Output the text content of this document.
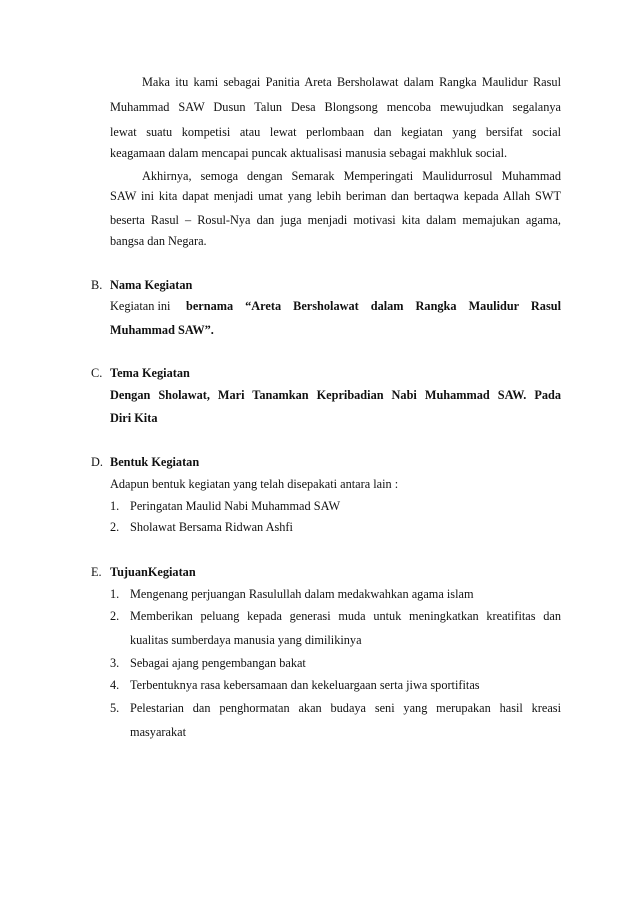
Maka itu kami sebagai Panitia Areta Bersholawat dalam Rangka Maulidur Rasul
Muhammad SAW Dusun Talun Desa Blongsong mencoba mewujudkan segalanya
lewat suatu kompetisi atau lewat perlombaan dan kegiatan yang bersifat social
keagamaan dalam mencapai puncak aktualisasi manusia sebagai makhluk social.
Akhirnya, semoga dengan Semarak Memperingati Maulidurrosul Muhammad
SAW ini kita dapat menjadi umat yang lebih beriman dan bertaqwa kepada Allah SWT
beserta Rasul – Rosul-Nya dan juga menjadi motivasi kita dalam memajukan agama,
bangsa dan Negara.
B. Nama Kegiatan
Kegiatan ini bernama “Areta Bersholawat dalam Rangka Maulidur Rasul
Muhammad SAW”.
C. Tema Kegiatan
Dengan Sholawat, Mari Tanamkan Kepribadian Nabi Muhammad SAW. Pada
Diri Kita
D. Bentuk Kegiatan
Adapun bentuk kegiatan yang telah disepakati antara lain :
1. Peringatan Maulid Nabi Muhammad SAW
2. Sholawat Bersama Ridwan Ashfi
E. TujuanKegiatan
1. Mengenang perjuangan Rasulullah dalam medakwahkan agama islam
2. Memberikan peluang kepada generasi muda untuk meningkatkan kreatifitas dan
kualitas sumberdaya manusia yang dimilikinya
3. Sebagai ajang pengembangan bakat
4. Terbentuknya rasa kebersamaan dan kekeluargaan serta jiwa sportifitas
5. Pelestarian dan penghormatan akan budaya seni yang merupakan hasil kreasi
masyarakat
